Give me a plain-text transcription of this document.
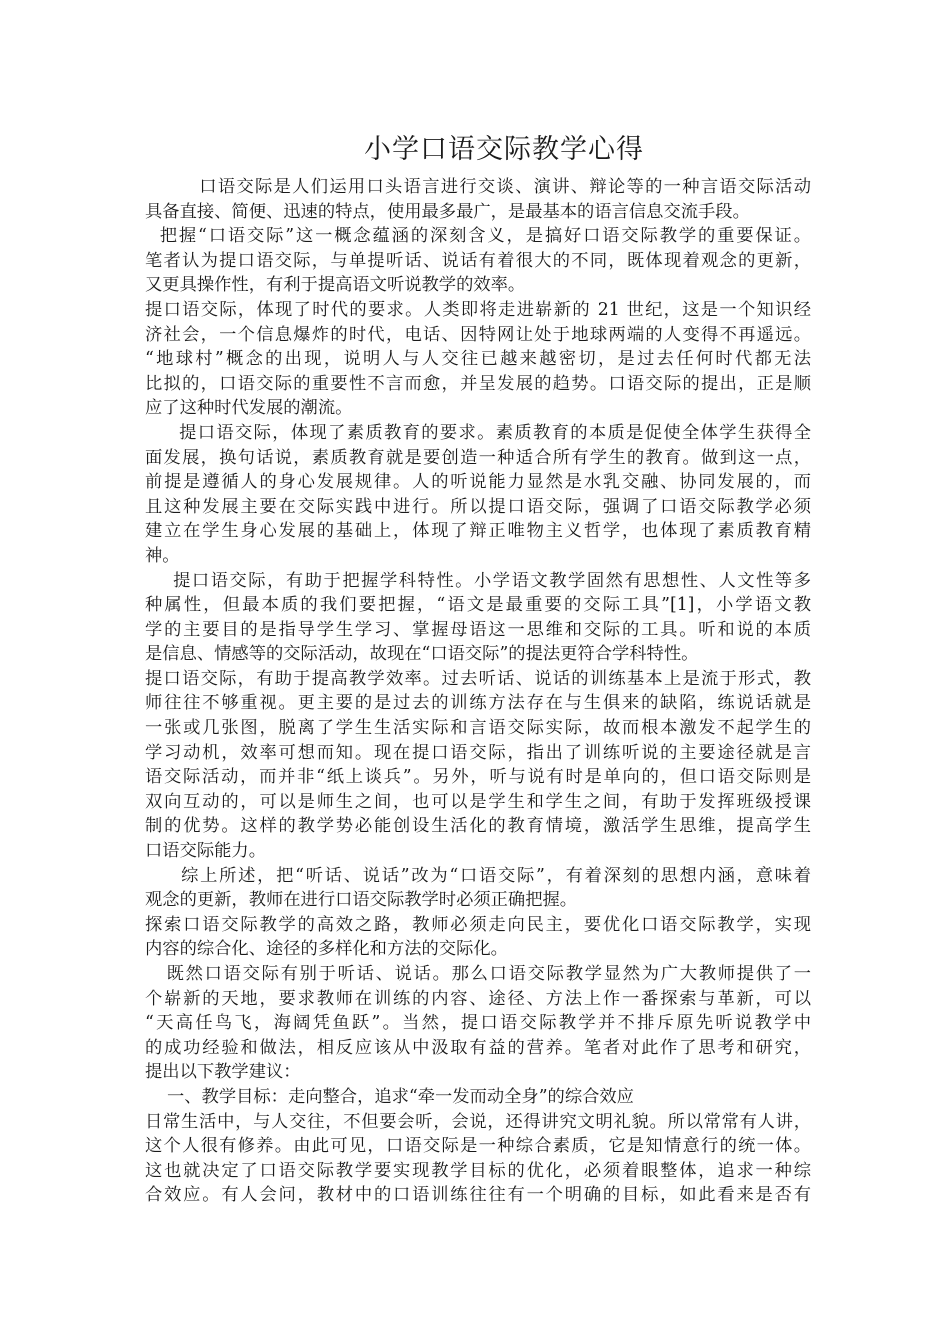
小学口语交际教学心得
口语交际是人们运用口头语言进行交谈、演讲、辩论等的一种言语交际活动
具备直接、简便、迅速的特点，使用最多最广，是最基本的语言信息交流手段。
把握“口语交际”这一概念蕴涵的深刻含义，是搞好口语交际教学的重要保证。
笔者认为提口语交际，与单提听话、说话有着很大的不同，既体现着观念的更新，
又更具操作性，有利于提高语文听说教学的效率。
提口语交际，体现了时代的要求。人类即将走进崭新的 21 世纪，这是一个知识经
济社会，一个信息爆炸的时代，电话、因特网让处于地球两端的人变得不再遥远。
“地球村”概念的出现，说明人与人交往已越来越密切，是过去任何时代都无法
比拟的，口语交际的重要性不言而愈，并呈发展的趋势。口语交际的提出，正是顺
应了这种时代发展的潮流。
提口语交际，体现了素质教育的要求。素质教育的本质是促使全体学生获得全
面发展，换句话说，素质教育就是要创造一种适合所有学生的教育。做到这一点，
前提是遵循人的身心发展规律。人的听说能力显然是水乳交融、协同发展的，而
且这种发展主要在交际实践中进行。所以提口语交际，强调了口语交际教学必须
建立在学生身心发展的基础上，体现了辩正唯物主义哲学，也体现了素质教育精
神。
提口语交际，有助于把握学科特性。小学语文教学固然有思想性、人文性等多
种属性，但最本质的我们要把握，“语文是最重要的交际工具”[1]，小学语文教
学的主要目的是指导学生学习、掌握母语这一思维和交际的工具。听和说的本质
是信息、情感等的交际活动，故现在“口语交际”的提法更符合学科特性。
提口语交际，有助于提高教学效率。过去听话、说话的训练基本上是流于形式，教
师往往不够重视。更主要的是过去的训练方法存在与生俱来的缺陷，练说话就是
一张或几张图，脱离了学生生活实际和言语交际实际，故而根本激发不起学生的
学习动机，效率可想而知。现在提口语交际，指出了训练听说的主要途径就是言
语交际活动，而并非“纸上谈兵”。另外，听与说有时是单向的，但口语交际则是
双向互动的，可以是师生之间，也可以是学生和学生之间，有助于发挥班级授课
制的优势。这样的教学势必能创设生活化的教育情境，激活学生思维，提高学生
口语交际能力。
综上所述，把“听话、说话”改为“口语交际”，有着深刻的思想内涵，意味着
观念的更新，教师在进行口语交际教学时必须正确把握。
探索口语交际教学的高效之路，教师必须走向民主，要优化口语交际教学，实现
内容的综合化、途径的多样化和方法的交际化。
既然口语交际有别于听话、说话。那么口语交际教学显然为广大教师提供了一
个崭新的天地，要求教师在训练的内容、途径、方法上作一番探索与革新，可以
“天高任鸟飞，海阔凭鱼跃”。当然，提口语交际教学并不排斥原先听说教学中
的成功经验和做法，相反应该从中汲取有益的营养。笔者对此作了思考和研究，
提出以下教学建议：
一、教学目标：走向整合，追求“牵一发而动全身”的综合效应
日常生活中，与人交往，不但要会听，会说，还得讲究文明礼貌。所以常常有人讲，
这个人很有修养。由此可见，口语交际是一种综合素质，它是知情意行的统一体。
这也就决定了口语交际教学要实现教学目标的优化，必须着眼整体，追求一种综
合效应。有人会问，教材中的口语训练往往有一个明确的目标，如此看来是否有
